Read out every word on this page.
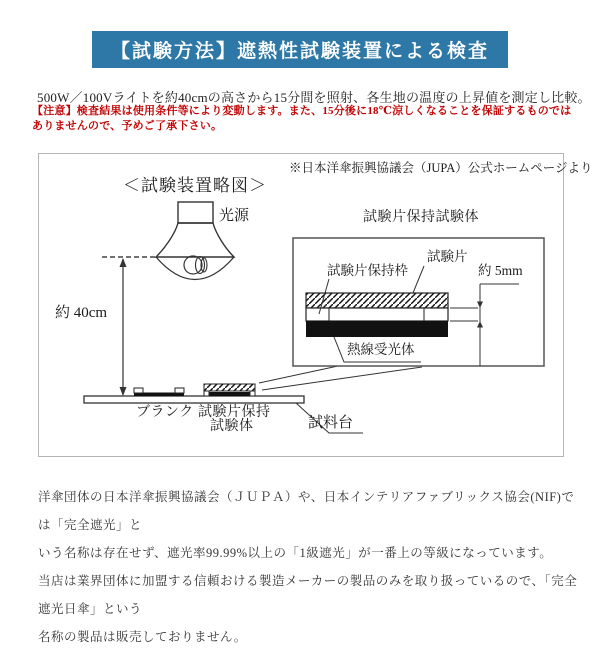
【試験方法】遮熱性試験装置による検査
500W／100Vライトを約40cmの高さから15分間を照射、各生地の温度の上昇値を測定し比較。
【注意】検査結果は使用条件等により変動します。また、15分後に18℃涼しくなることを保証するものではありませんので、予めご了承下さい。
※日本洋傘振興協議会（JUPA）公式ホームページより
＜試験装置略図＞
光源
約 40cm
ブランク 試験片保持
試験体	試料台
試験片保持試験体
試験片保持枠
試験片
約 5mm
熱線受光体
洋傘団体の日本洋傘振興協議会（ＪＵＰＡ）や、日本インテリアファブリックス協会(NIF)では「完全遮光」と
いう名称は存在せず、遮光率99.99%以上の「1級遮光」が一番上の等級になっています。
当店は業界団体に加盟する信頼おける製造メーカーの製品のみを取り扱っているので、「完全遮光日傘」という
名称の製品は販売しておりません。
